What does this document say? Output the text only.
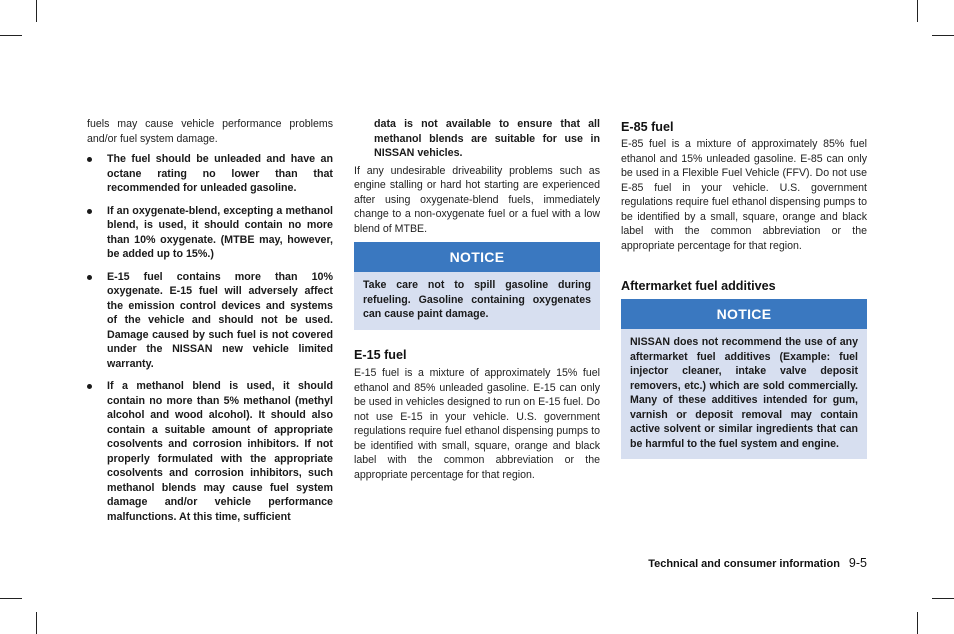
fuels may cause vehicle performance problems and/or fuel system damage.

The fuel should be unleaded and have an octane rating no lower than that recommended for unleaded gasoline.
If an oxygenate-blend, excepting a methanol blend, is used, it should contain no more than 10% oxygenate. (MTBE may, however, be added up to 15%.)
E-15 fuel contains more than 10% oxygenate. E-15 fuel will adversely affect the emission control devices and systems of the vehicle and should not be used. Damage caused by such fuel is not covered under the NISSAN new vehicle limited warranty.
If a methanol blend is used, it should contain no more than 5% methanol (methyl alcohol and wood alcohol). It should also contain a suitable amount of appropriate cosolvents and corrosion inhibitors. If not properly formulated with the appropriate cosolvents and corrosion inhibitors, such methanol blends may cause fuel system damage and/or vehicle performance malfunctions. At this time, sufficient

data is not available to ensure that all methanol blends are suitable for use in NISSAN vehicles.

If any undesirable driveability problems such as engine stalling or hard hot starting are experienced after using oxygenate-blend fuels, immediately change to a non-oxygenate fuel or a fuel with a low blend of MTBE.

NOTICE
Take care not to spill gasoline during refueling. Gasoline containing oxygenates can cause paint damage.
E-15 fuel

E-15 fuel is a mixture of approximately 15% fuel ethanol and 85% unleaded gasoline. E-15 can only be used in vehicles designed to run on E-15 fuel. Do not use E-15 in your vehicle. U.S. government regulations require fuel ethanol dispensing pumps to be identified with small, square, orange and black label with the common abbreviation or the appropriate percentage for that region.

E-85 fuel

E-85 fuel is a mixture of approximately 85% fuel ethanol and 15% unleaded gasoline. E-85 can only be used in a Flexible Fuel Vehicle (FFV). Do not use E-85 fuel in your vehicle. U.S. government regulations require fuel ethanol dispensing pumps to be identified by a small, square, orange and black label with the common abbreviation or the appropriate percentage for that region.

Aftermarket fuel additives
NOTICE
NISSAN does not recommend the use of any aftermarket fuel additives (Example: fuel injector cleaner, intake valve deposit removers, etc.) which are sold commercially. Many of these additives intended for gum, varnish or deposit removal may contain active solvent or similar ingredients that can be harmful to the fuel system and engine.
Technical and consumer information 9-5
